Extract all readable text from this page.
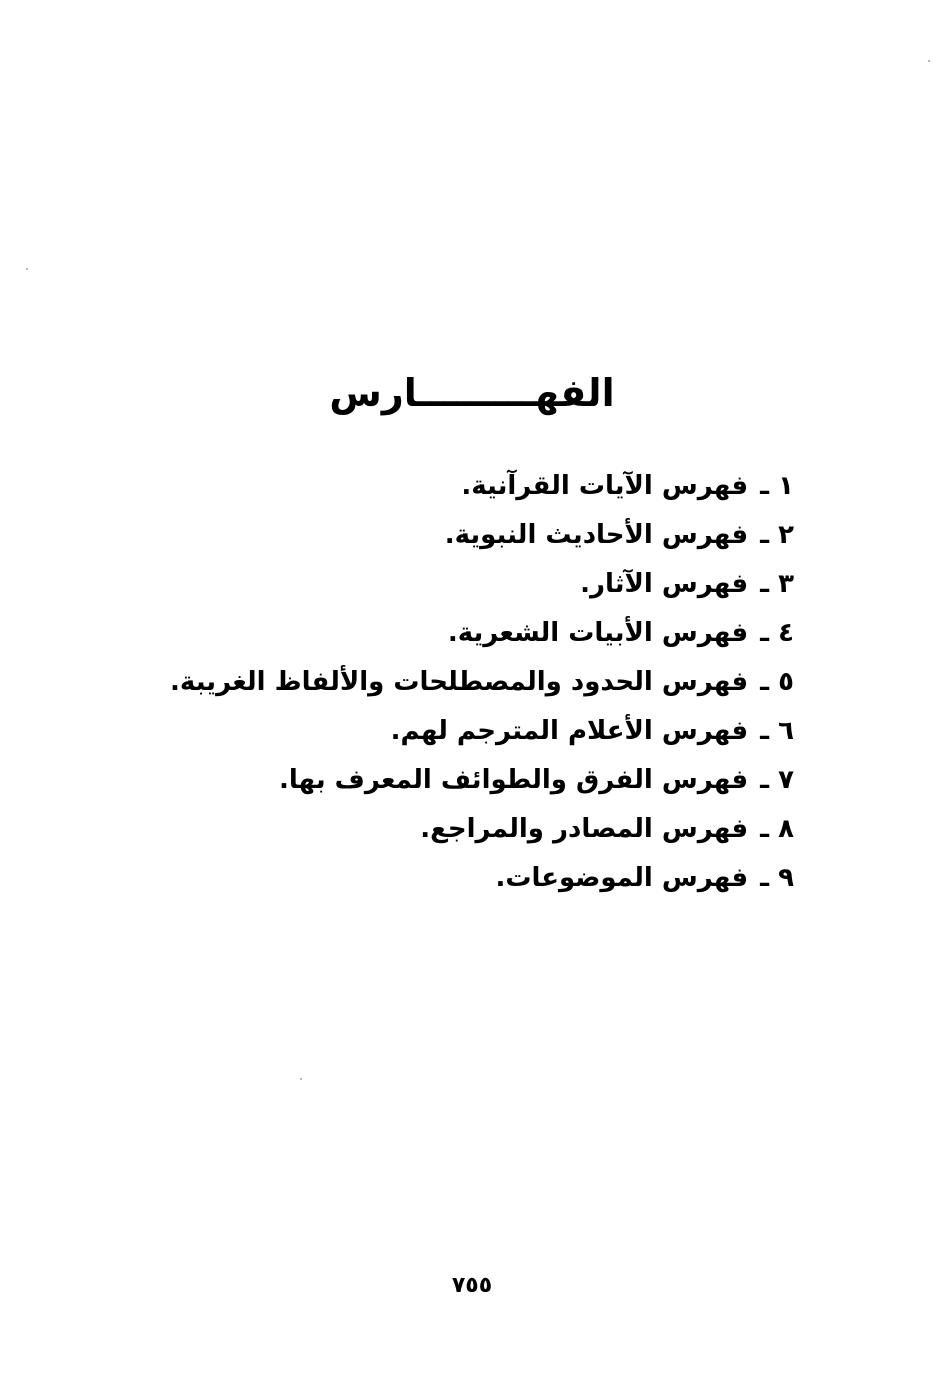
الفهـــــــــارس
١ـفهرس الآيات القرآنية.
٢ـفهرس الأحاديث النبوية.
٣ـفهرس الآثار.
٤ـفهرس الأبيات الشعرية.
٥ـفهرس الحدود والمصطلحات والألفاظ الغريبة.
٦ـفهرس الأعلام المترجم لهم.
٧ـفهرس الفرق والطوائف المعرف بها.
٨ـفهرس المصادر والمراجع.
٩ـفهرس الموضوعات.
٧٥٥
